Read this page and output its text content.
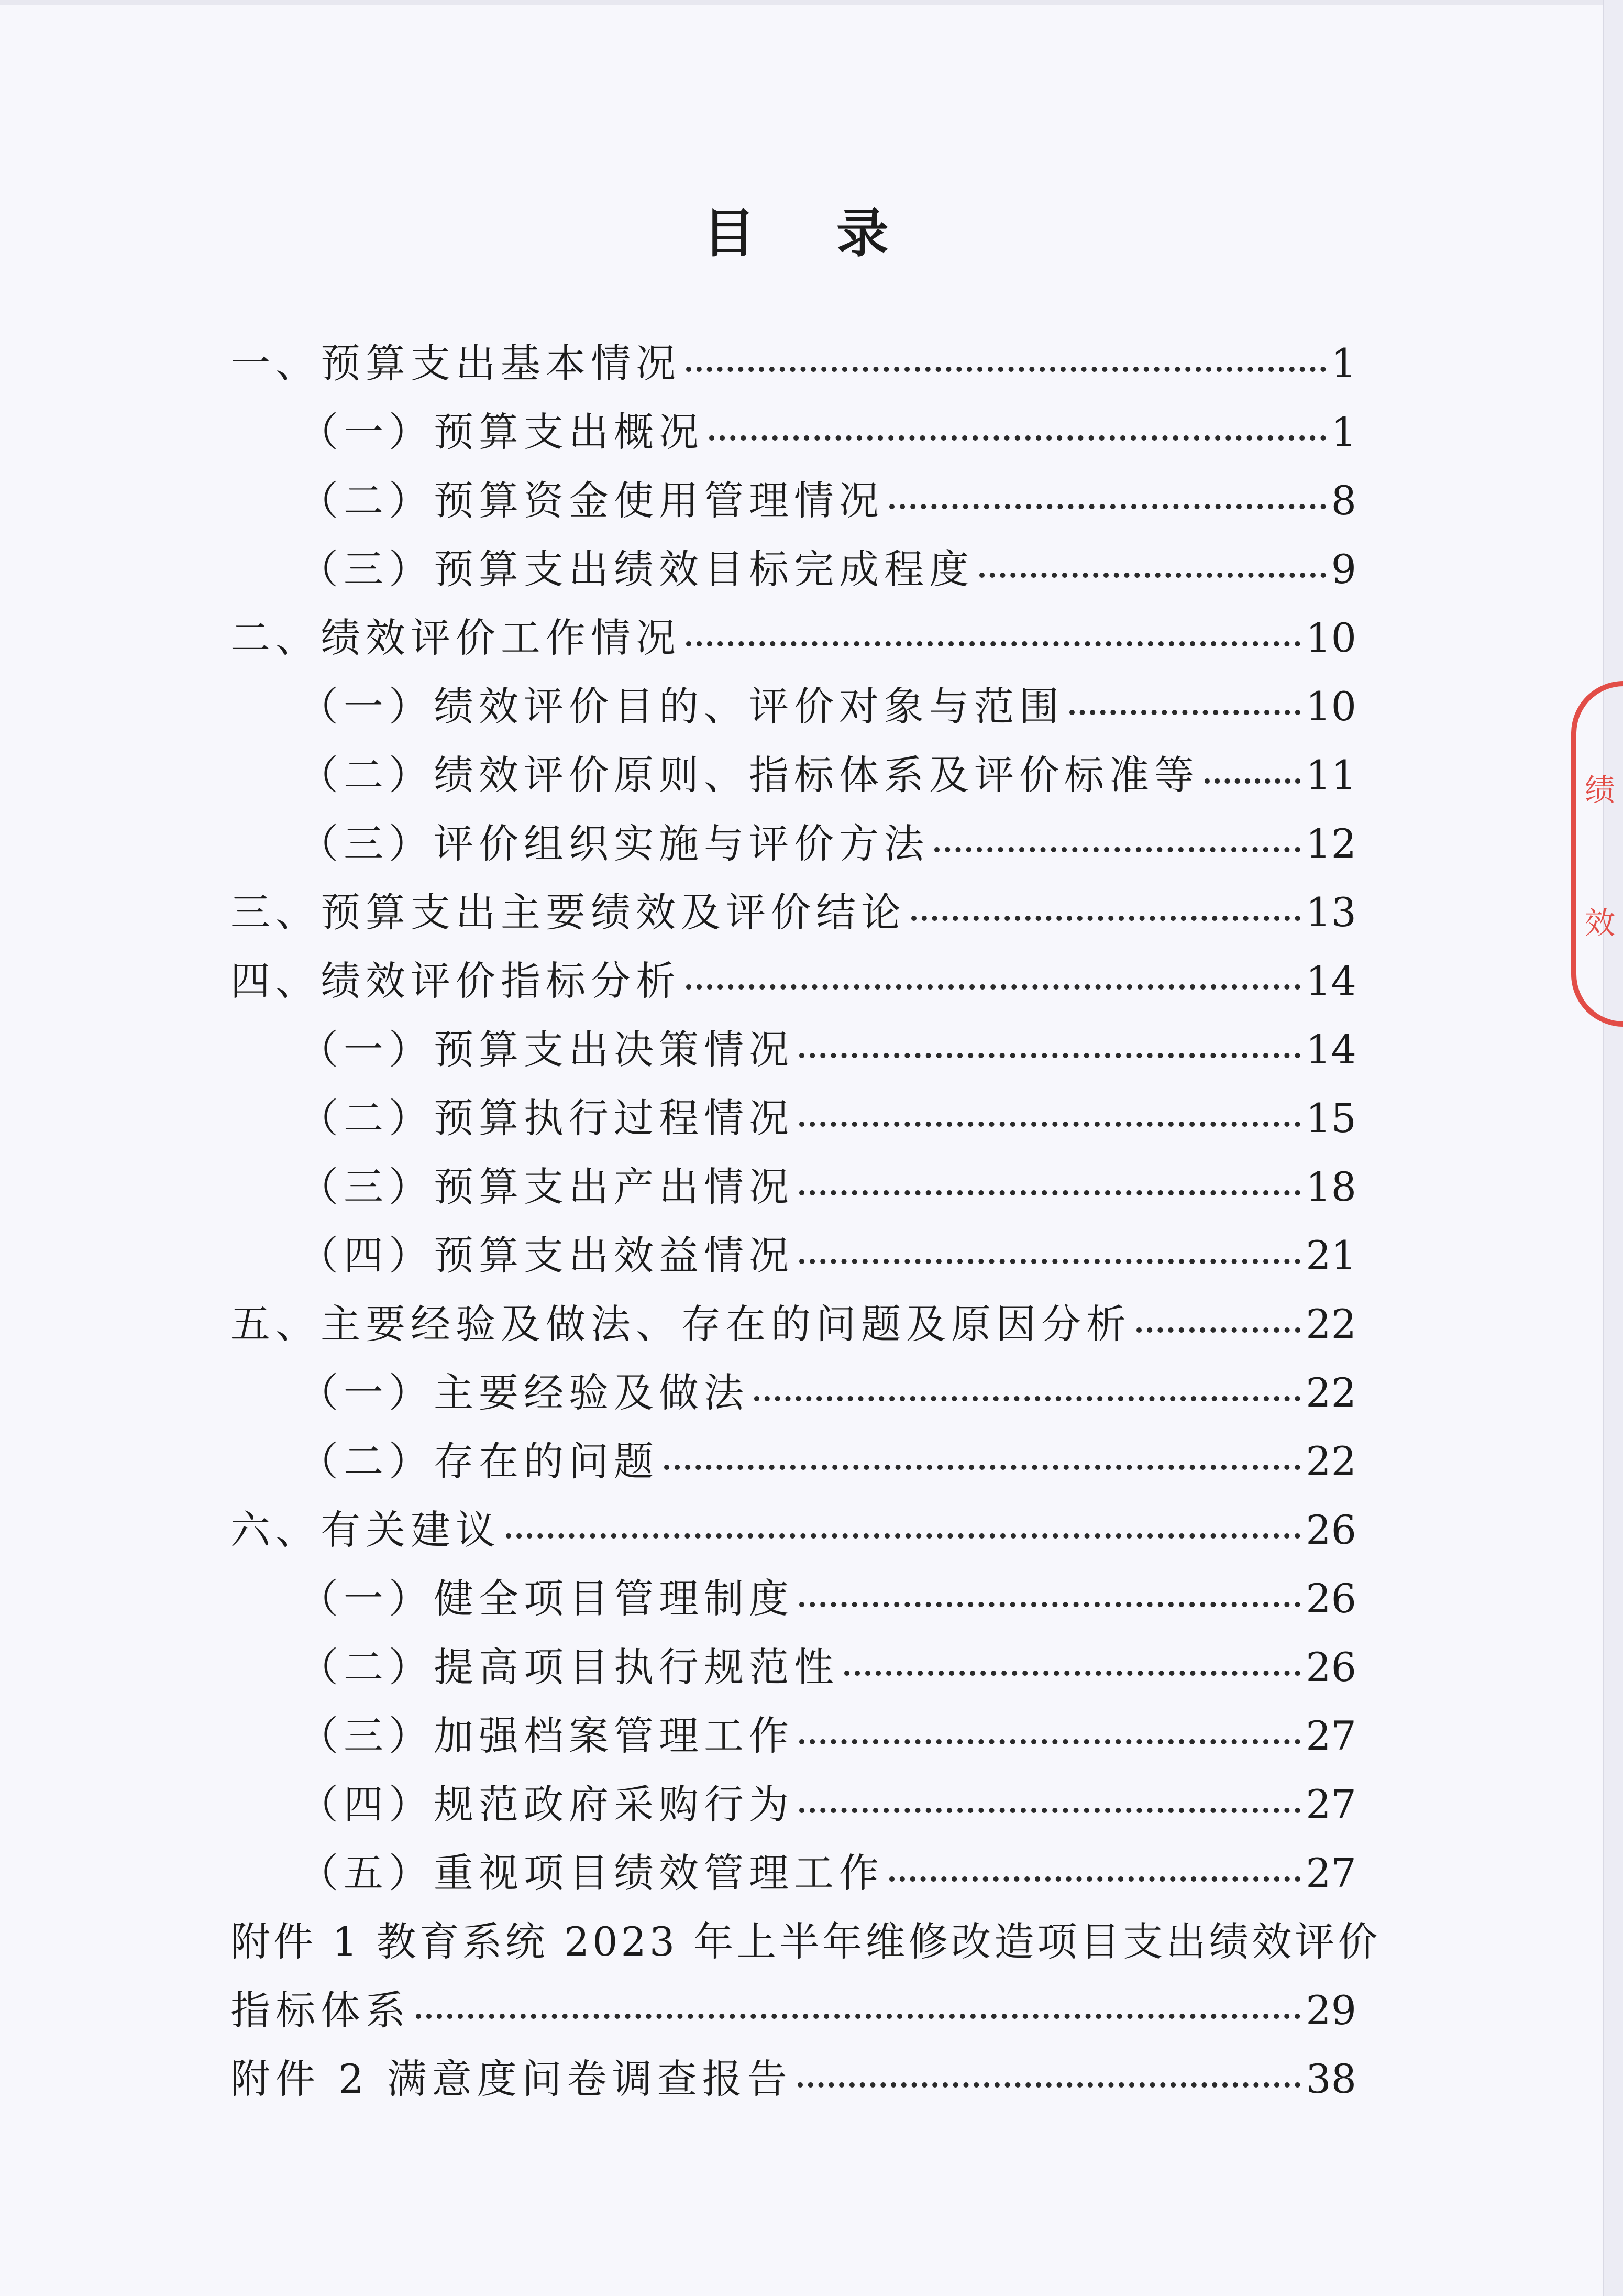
目 录
一、预算支出基本情况	1
（一）预算支出概况	1
（二）预算资金使用管理情况	8
（三）预算支出绩效目标完成程度	9
二、绩效评价工作情况	10
（一）绩效评价目的、评价对象与范围	10
（二）绩效评价原则、指标体系及评价标准等	11
（三）评价组织实施与评价方法	12
三、预算支出主要绩效及评价结论	13
四、绩效评价指标分析	14
（一）预算支出决策情况	14
（二）预算执行过程情况	15
（三）预算支出产出情况	18
（四）预算支出效益情况	21
五、主要经验及做法、存在的问题及原因分析	22
（一）主要经验及做法	22
（二）存在的问题	22
六、有关建议	26
（一）健全项目管理制度	26
（二）提高项目执行规范性	26
（三）加强档案管理工作	27
（四）规范政府采购行为	27
（五）重视项目绩效管理工作	27
附件 1 教育系统 2023 年上半年维修改造项目支出绩效评价
指标体系	29
附件 2 满意度问卷调查报告	38
绩
效
